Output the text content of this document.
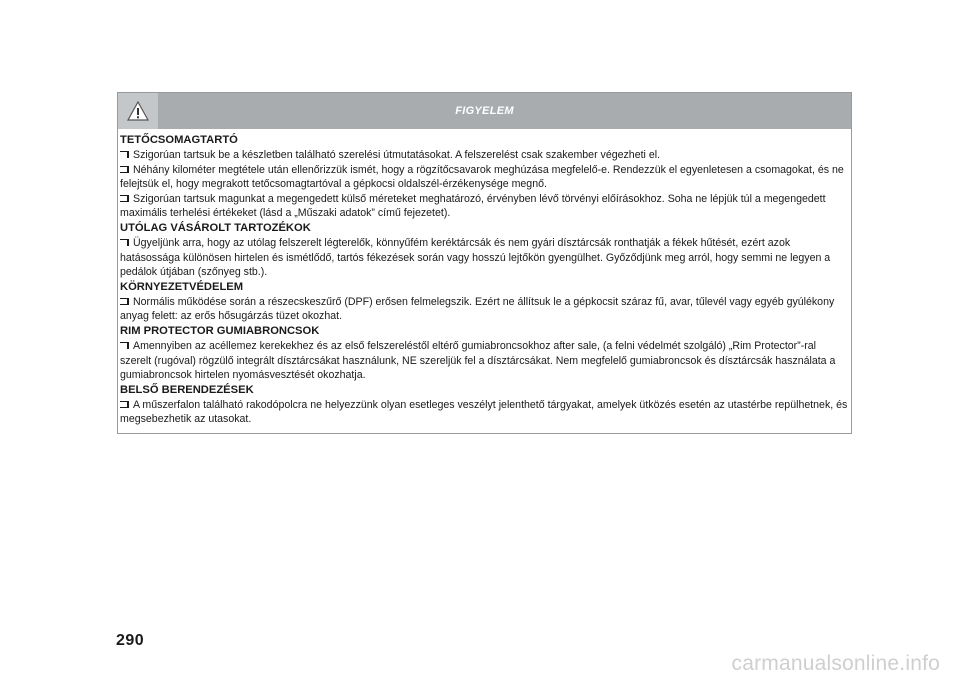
FIGYELEM

TETŐCSOMAGTARTÓ

Szigorúan tartsuk be a készletben található szerelési útmutatásokat. A felszerelést csak szakember végezheti el.

Néhány kilométer megtétele után ellenőrizzük ismét, hogy a rögzítőcsavarok meghúzása megfelelő-e. Rendezzük el egyenletesen a csomagokat, és ne felejtsük el, hogy megrakott tetőcsomagtartóval a gépkocsi oldalszél-érzékenysége megnő.

Szigorúan tartsuk magunkat a megengedett külső méreteket meghatározó, érvényben lévő törvényi előírásokhoz. Soha ne lépjük túl a megengedett maximális terhelési értékeket (lásd a „Műszaki adatok” című fejezetet).

UTÓLAG VÁSÁROLT TARTOZÉKOK

Ügyeljünk arra, hogy az utólag felszerelt légterelők, könnyűfém keréktárcsák és nem gyári dísztárcsák ronthatják a fékek hűtését, ezért azok hatásossága különösen hirtelen és ismétlődő, tartós fékezések során vagy hosszú lejtőkön gyengülhet. Győződjünk meg arról, hogy semmi ne legyen a pedálok útjában (szőnyeg stb.).

KÖRNYEZETVÉDELEM

Normális működése során a részecskeszűrő (DPF) erősen felmelegszik. Ezért ne állítsuk le a gépkocsit száraz fű, avar, tűlevél vagy egyéb gyúlékony anyag felett: az erős hősugárzás tüzet okozhat.

RIM PROTECTOR GUMIABRONCSOK

Amennyiben az acéllemez kerekekhez és az első felszereléstől eltérő gumiabroncsokhoz after sale, (a felni védelmét szolgáló) „Rim Protector”-ral szerelt (rugóval) rögzülő integrált dísztárcsákat használunk, NE szereljük fel a dísztárcsákat. Nem megfelelő gumiabroncsok és dísztárcsák használata a gumiabroncsok hirtelen nyomásvesztését okozhatja.

BELSŐ BERENDEZÉSEK

A műszerfalon található rakodópolcra ne helyezzünk olyan esetleges veszélyt jelenthető tárgyakat, amelyek ütközés esetén az utastérbe repülhetnek, és megsebezhetik az utasokat.

290
carmanualsonline.info
